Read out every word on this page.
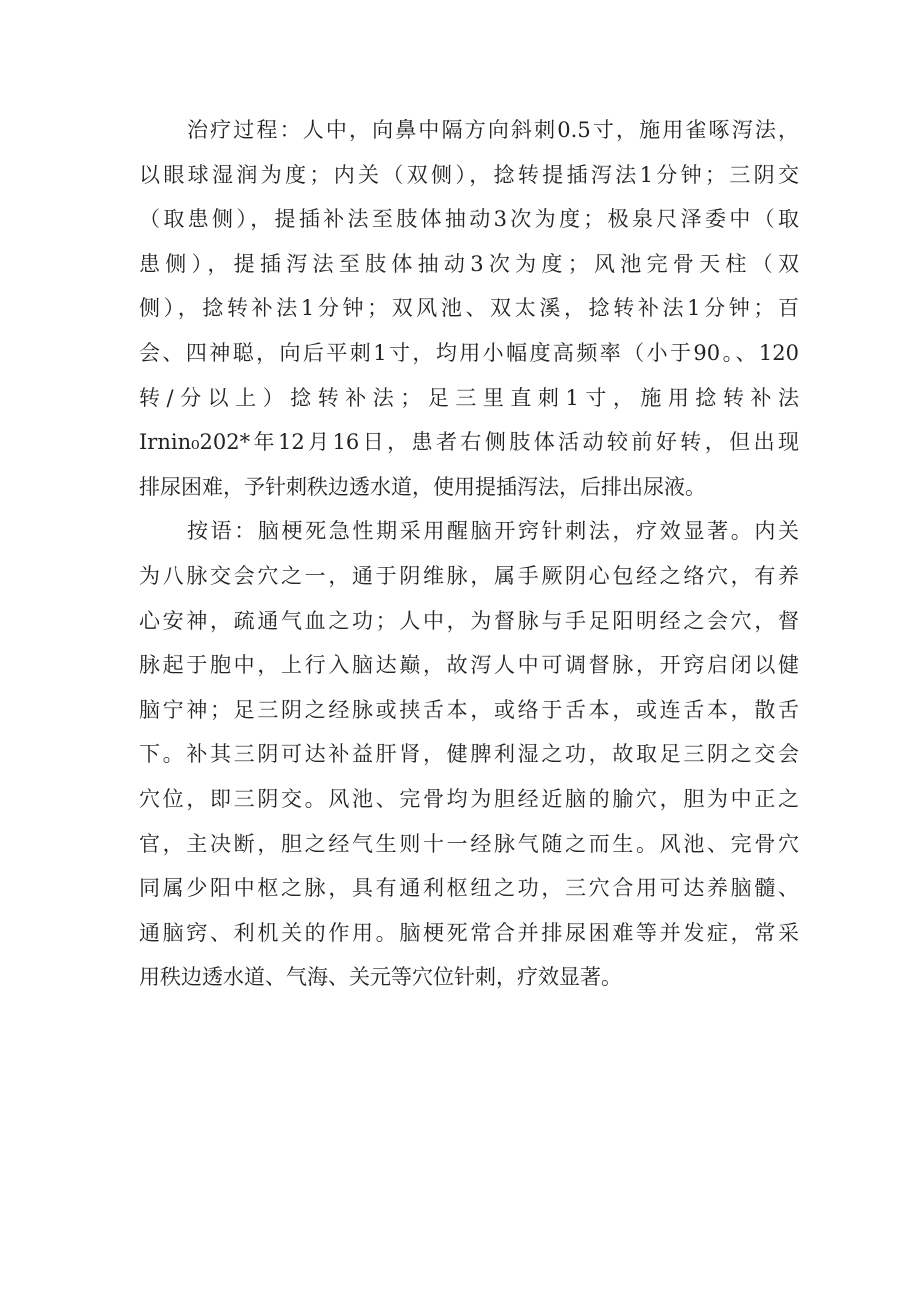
治疗过程：人中，向鼻中隔方向斜刺0.5寸，施用雀啄泻法，
以眼球湿润为度；内关（双侧），捻转提插泻法1分钟；三阴交
（取患侧），提插补法至肢体抽动3次为度；极泉尺泽委中（取
患侧），提插泻法至肢体抽动3次为度；风池完骨天柱（双
侧），捻转补法1分钟；双风池、双太溪，捻转补法1分钟；百
会、四神聪，向后平刺1寸，均用小幅度高频率（小于90。、120
转/分以上）捻转补法；足三里直刺1寸，施用捻转补法
Irnin₀202*年12月16日，患者右侧肢体活动较前好转，但出现
排尿困难，予针刺秩边透水道，使用提插泻法，后排出尿液。
按语：脑梗死急性期采用醒脑开窍针刺法，疗效显著。内关
为八脉交会穴之一，通于阴维脉，属手厥阴心包经之络穴，有养
心安神，疏通气血之功；人中，为督脉与手足阳明经之会穴，督
脉起于胞中，上行入脑达巅，故泻人中可调督脉，开窍启闭以健
脑宁神；足三阴之经脉或挟舌本，或络于舌本，或连舌本，散舌
下。补其三阴可达补益肝肾，健脾利湿之功，故取足三阴之交会
穴位，即三阴交。风池、完骨均为胆经近脑的腧穴，胆为中正之
官，主决断，胆之经气生则十一经脉气随之而生。风池、完骨穴
同属少阳中枢之脉，具有通利枢纽之功，三穴合用可达养脑髓、
通脑窍、利机关的作用。脑梗死常合并排尿困难等并发症，常采
用秩边透水道、气海、关元等穴位针刺，疗效显著。
